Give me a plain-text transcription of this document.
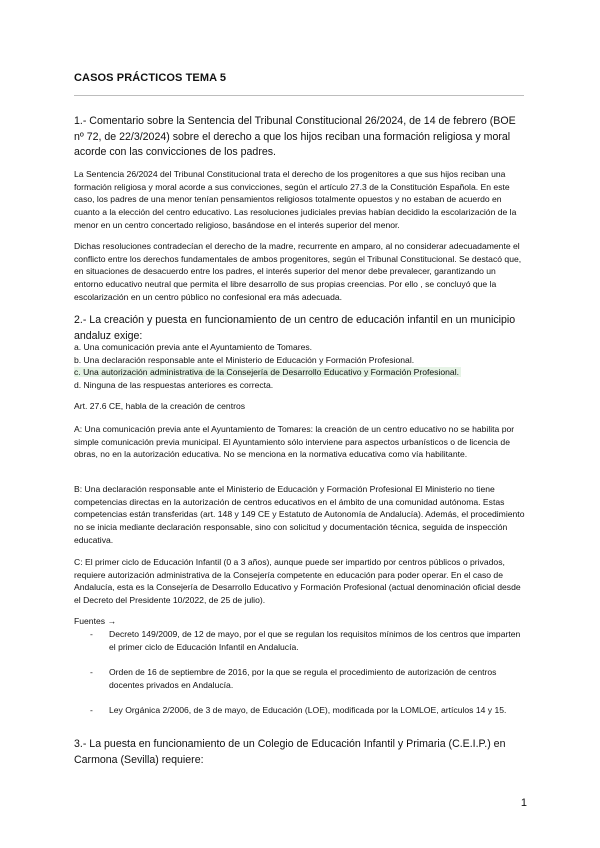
CASOS PRÁCTICOS TEMA 5

1.- Comentario sobre la Sentencia del Tribunal Constitucional 26/2024, de 14 de febrero (BOE nº 72, de 22/3/2024) sobre el derecho a que los hijos reciban una formación religiosa y moral acorde con las convicciones de los padres.

La Sentencia 26/2024 del Tribunal Constitucional trata el derecho de los progenitores a que sus hijos reciban una formación religiosa y moral acorde a sus convicciones, según el artículo 27.3 de la Constitución Española. En este caso, los padres de una menor tenían pensamientos religiosos totalmente opuestos y no estaban de acuerdo en cuanto a la elección del centro educativo. Las resoluciones judiciales previas habían decidido la escolarización de la menor en un centro concertado religioso, basándose en el interés superior del menor.

Dichas resoluciones contradecían el derecho de la madre, recurrente en amparo, al no considerar adecuadamente el conflicto entre los derechos fundamentales de ambos progenitores, según el Tribunal Constitucional. Se destacó que, en situaciones de desacuerdo entre los padres, el interés superior del menor debe prevalecer, garantizando un entorno educativo neutral que permita el libre desarrollo de sus propias creencias. Por ello , se concluyó que la escolarización en un centro público no confesional era más adecuada.

2.- La creación y puesta en funcionamiento de un centro de educación infantil en un municipio andaluz exige:

a. Una comunicación previa ante el Ayuntamiento de Tomares.

b. Una declaración responsable ante el Ministerio de Educación y Formación Profesional.

c. Una autorización administrativa de la Consejería de Desarrollo Educativo y Formación Profesional.

d. Ninguna de las respuestas anteriores es correcta.

Art. 27.6 CE, habla de la creación de centros

A: Una comunicación previa ante el Ayuntamiento de Tomares: la creación de un centro educativo no se habilita por simple comunicación previa municipal. El Ayuntamiento sólo interviene para aspectos urbanísticos o de licencia de obras, no en la autorización educativa. No se menciona en la normativa educativa como vía habilitante.

B: Una declaración responsable ante el Ministerio de Educación y Formación Profesional El Ministerio no tiene competencias directas en la autorización de centros educativos en el ámbito de una comunidad autónoma. Estas competencias están transferidas (art. 148 y 149 CE y Estatuto de Autonomía de Andalucía). Además, el procedimiento no se inicia mediante declaración responsable, sino con solicitud y documentación técnica, seguida de inspección educativa.

C: El primer ciclo de Educación Infantil (0 a 3 años), aunque puede ser impartido por centros públicos o privados, requiere autorización administrativa de la Consejería competente en educación para poder operar. En el caso de Andalucía, esta es la Consejería de Desarrollo Educativo y Formación Profesional (actual denominación oficial desde el Decreto del Presidente 10/2022, de 25 de julio).

Fuentes →

- Decreto 149/2009, de 12 de mayo, por el que se regulan los requisitos mínimos de los centros que imparten el primer ciclo de Educación Infantil en Andalucía.
- Orden de 16 de septiembre de 2016, por la que se regula el procedimiento de autorización de centros docentes privados en Andalucía.
- Ley Orgánica 2/2006, de 3 de mayo, de Educación (LOE), modificada por la LOMLOE, artículos 14 y 15.

3.- La puesta en funcionamiento de un Colegio de Educación Infantil y Primaria (C.E.I.P.) en Carmona (Sevilla) requiere:

1
